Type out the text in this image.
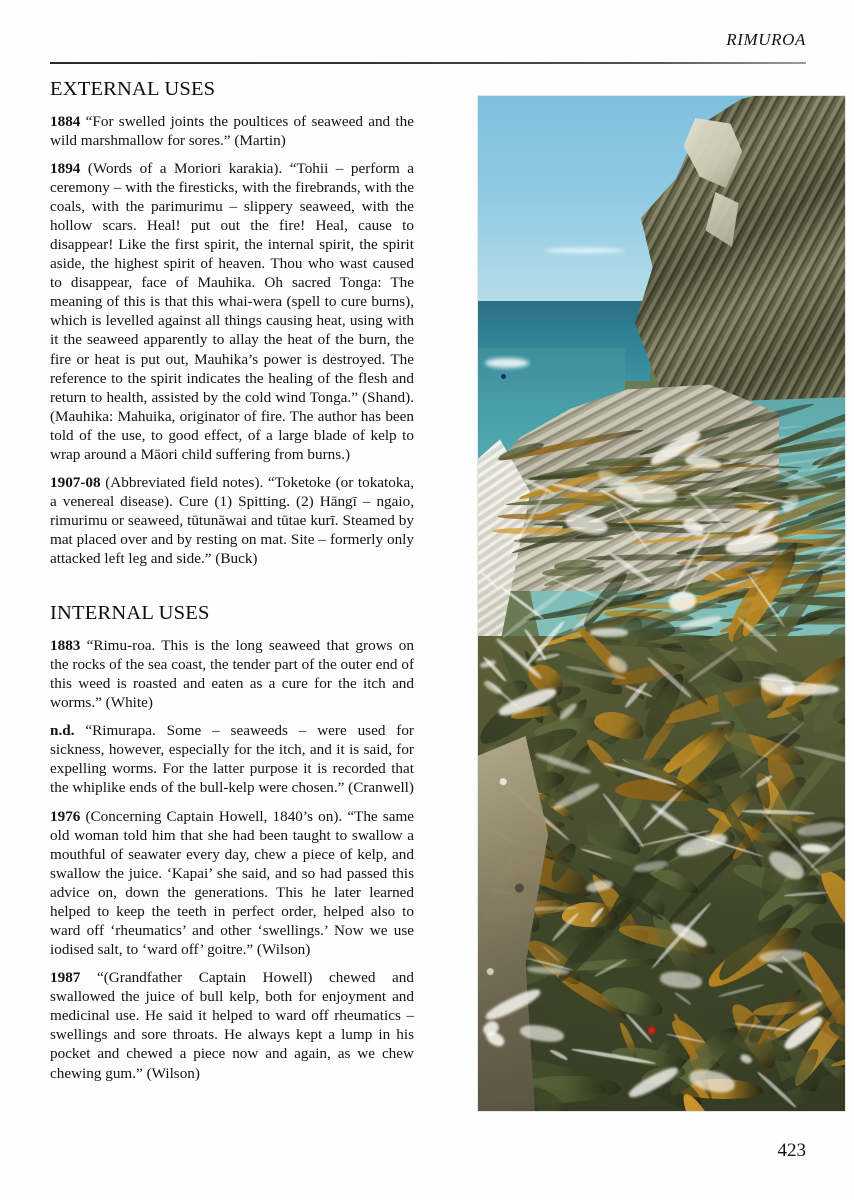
RIMUROA
EXTERNAL USES

1884 “For swelled joints the poultices of seaweed and the wild marshmallow for sores.” (Martin)

1894 (Words of a Moriori karakia). “Tohii – perform a ceremony – with the firesticks, with the firebrands, with the coals, with the parimurimu – slippery seaweed, with the hollow scars. Heal! put out the fire! Heal, cause to disappear! Like the first spirit, the internal spirit, the spirit aside, the highest spirit of heaven. Thou who wast caused to disappear, face of Mauhika. Oh sacred Tonga: The meaning of this is that this whai-wera (spell to cure burns), which is levelled against all things causing heat, using with it the seaweed apparently to allay the heat of the burn, the fire or heat is put out, Mauhika’s power is destroyed. The reference to the spirit indicates the healing of the flesh and return to health, assisted by the cold wind Tonga.” (Shand). (Mauhika: Mahuika, originator of fire. The author has been told of the use, to good effect, of a large blade of kelp to wrap around a Māori child suffering from burns.)

1907-08 (Abbreviated field notes). “Toketoke (or tokatoka, a venereal disease). Cure (1) Spitting. (2) Hāngī – ngaio, rimurimu or seaweed, tūtunāwai and tūtae kurī. Steamed by mat placed over and by resting on mat. Site – formerly only attacked left leg and side.” (Buck)

INTERNAL USES

1883 “Rimu-roa. This is the long seaweed that grows on the rocks of the sea coast, the tender part of the outer end of this weed is roasted and eaten as a cure for the itch and worms.” (White)

n.d. “Rimurapa. Some – seaweeds – were used for sickness, however, especially for the itch, and it is said, for expelling worms. For the latter purpose it is recorded that the whiplike ends of the bull-kelp were chosen.” (Cranwell)

1976 (Concerning Captain Howell, 1840’s on). “The same old woman told him that she had been taught to swallow a mouthful of seawater every day, chew a piece of kelp, and swallow the juice. ‘Kapai’ she said, and so had passed this advice on, down the generations. This he later learned helped to keep the teeth in perfect order, helped also to ward off ‘rheumatics’ and other ‘swellings.’ Now we use iodised salt, to ‘ward off’ goitre.” (Wilson)

1987 “(Grandfather Captain Howell) chewed and swallowed the juice of bull kelp, both for enjoyment and medicinal use. He said it helped to ward off rheumatics – swellings and sore throats. He always kept a lump in his pocket and chewed a piece now and again, as we chew chewing gum.” (Wilson)

423
